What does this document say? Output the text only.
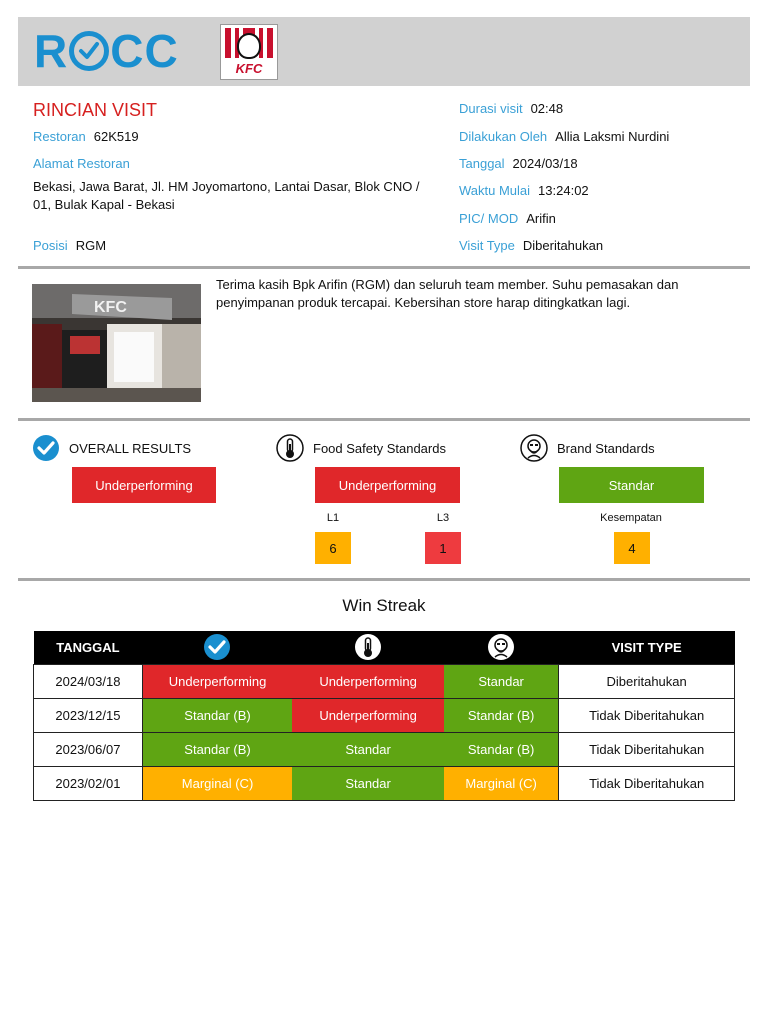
R CC	KFC
RINCIAN VISIT
Restoran 62K519
Alamat Restoran
Bekasi, Jawa Barat, Jl. HM Joyomartono, Lantai Dasar, Blok CNO / 01, Bulak Kapal - Bekasi
Posisi RGM
Durasi visit 02:48
Dilakukan Oleh Allia Laksmi Nurdini
Tanggal 2024/03/18
Waktu Mulai 13:24:02
PIC/ MOD Arifin
Visit Type Diberitahukan
KFC
Terima kasih Bpk Arifin (RGM) dan seluruh team member. Suhu pemasakan dan penyimpanan produk tercapai. Kebersihan store harap ditingkatkan lagi.
OVERALL RESULTS	Food Safety Standards	Brand Standards
Underperforming	Underperforming	Standar
L1	L3	Kesempatan
6	1	4
Win Streak
TANGGAL				VISIT TYPE
2024/03/18	Underperforming	Underperforming	Standar	Diberitahukan
2023/12/15	Standar (B)	Underperforming	Standar (B)	Tidak Diberitahukan
2023/06/07	Standar (B)	Standar	Standar (B)	Tidak Diberitahukan
2023/02/01	Marginal (C)	Standar	Marginal (C)	Tidak Diberitahukan
